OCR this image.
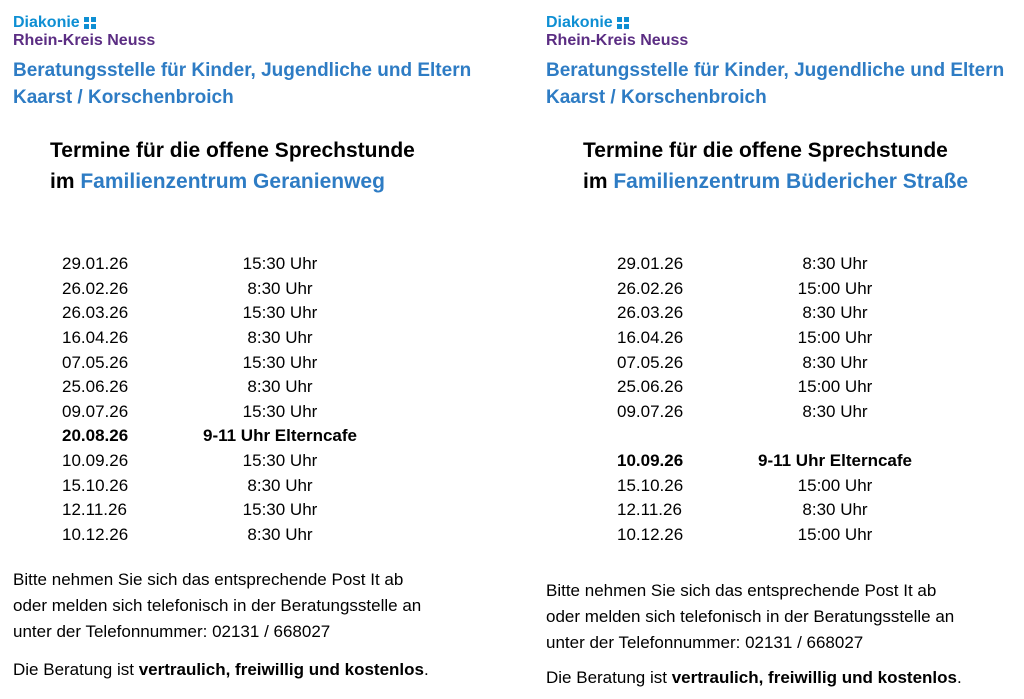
Diakonie
Rhein-Kreis Neuss
Beratungsstelle für Kinder, Jugendliche und Eltern
Kaarst / Korschenbroich
Termine für die offene Sprechstunde
im Familienzentrum Geranienweg
29.01.26	15:30 Uhr
26.02.26	8:30 Uhr
26.03.26	15:30 Uhr
16.04.26	8:30 Uhr
07.05.26	15:30 Uhr
25.06.26	8:30 Uhr
09.07.26	15:30 Uhr
20.08.26	9-11 Uhr Elterncafe
10.09.26	15:30 Uhr
15.10.26	8:30 Uhr
12.11.26	15:30 Uhr
10.12.26	8:30 Uhr
Bitte nehmen Sie sich das entsprechende Post It ab
oder melden sich telefonisch in der Beratungsstelle an
unter der Telefonnummer: 02131 / 668027
Die Beratung ist vertraulich, freiwillig und kostenlos.
Diakonie
Rhein-Kreis Neuss
Beratungsstelle für Kinder, Jugendliche und Eltern
Kaarst / Korschenbroich
Termine für die offene Sprechstunde
im Familienzentrum Büdericher Straße
29.01.26	8:30 Uhr
26.02.26	15:00 Uhr
26.03.26	8:30 Uhr
16.04.26	15:00 Uhr
07.05.26	8:30 Uhr
25.06.26	15:00 Uhr
09.07.26	8:30 Uhr
10.09.26	9-11 Uhr Elterncafe
15.10.26	15:00 Uhr
12.11.26	8:30 Uhr
10.12.26	15:00 Uhr
Bitte nehmen Sie sich das entsprechende Post It ab
oder melden sich telefonisch in der Beratungsstelle an
unter der Telefonnummer: 02131 / 668027
Die Beratung ist vertraulich, freiwillig und kostenlos.
